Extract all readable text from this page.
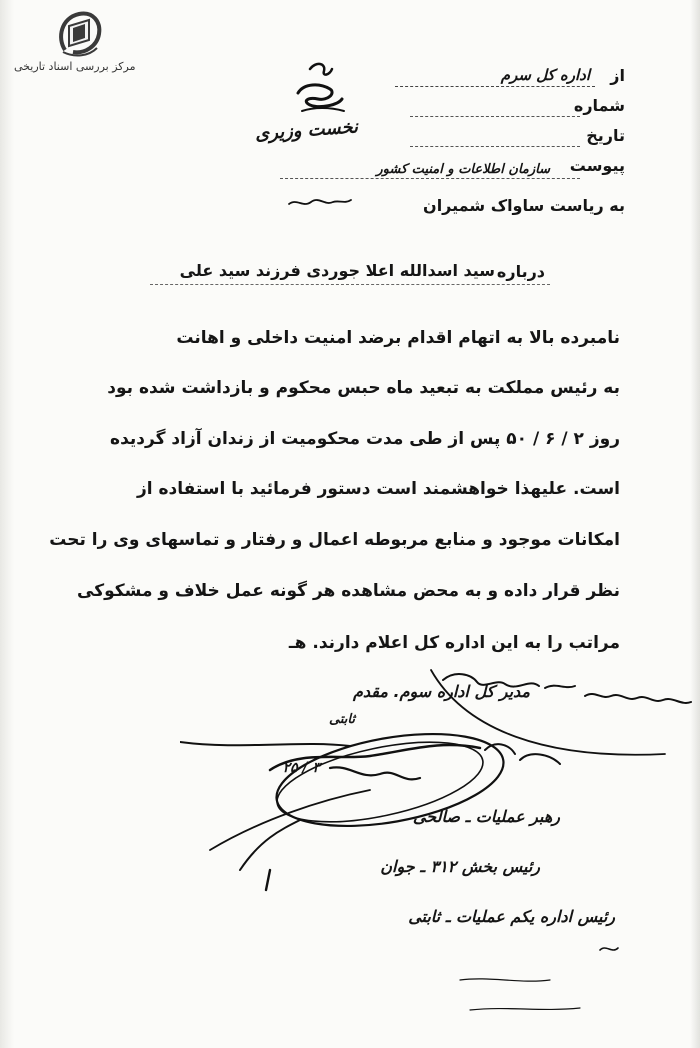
مرکز بررسی اسناد تاریخی
نخست وزیری
از
اداره کل سرم
شماره
تاریخ
پیوست
سازمان اطلاعات و امنیت کشور
به ریاست ساواک شمیران
درباره
سید اسدالله اعلا جوردی فرزند سید علی
نامبرده بالا به اتهام اقدام برضد امنیت داخلی و اهانت
به رئیس مملکت به تبعید ماه حبس محکوم و بازداشت شده بود
روز ۲ / ۶ / ۵۰ پس از طی مدت محکومیت از زندان آزاد گردیده
است. علیهذا خواهشمند است دستور فرمائید با استفاده از
امکانات موجود و منابع مربوطه اعمال و رفتار و تماسهای وی را تحت
نظر قرار داده و به محض مشاهده هر گونه عمل خلاف و مشکوکی
مراتب را به این اداره کل اعلام دارند. هـ
مدیر کل اداره سوم. مقدم
ثابتی
۲۵ / ۳
رهبر عملیات ـ صالحی
رئیس بخش ۳۱۲ ـ جوان
رئیس اداره یکم عملیات ـ ثابتی
